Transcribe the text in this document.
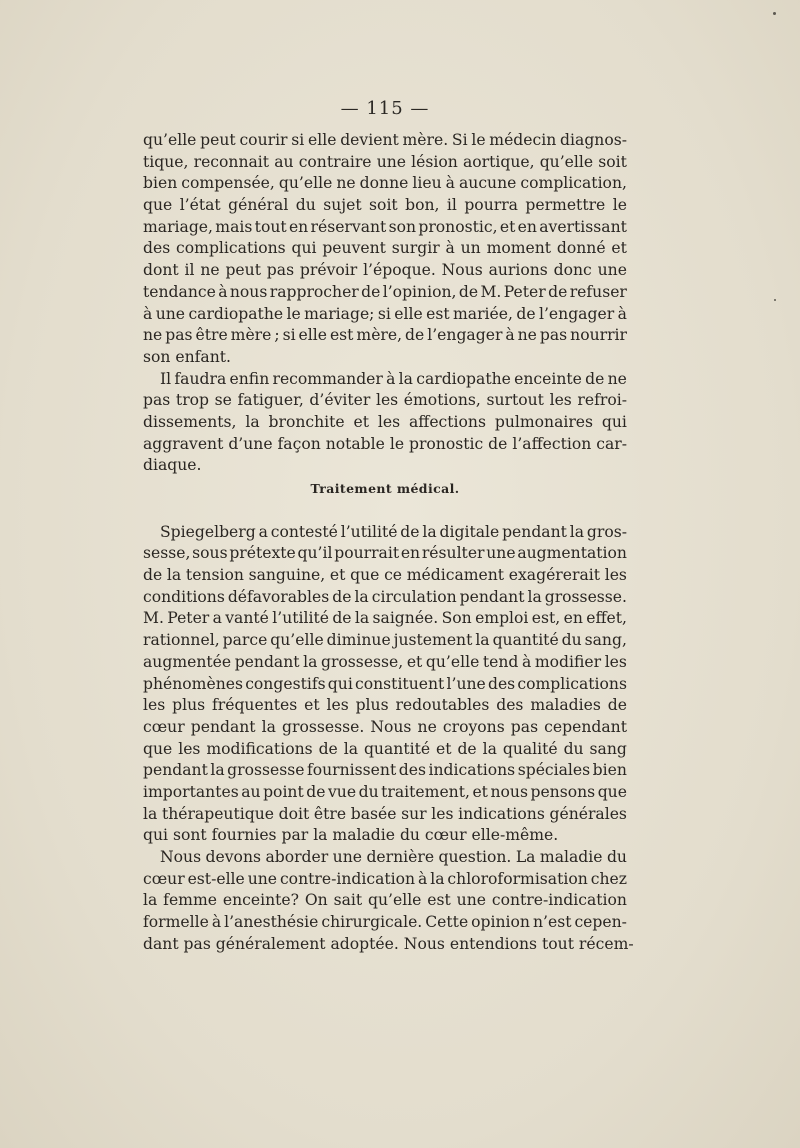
— 115 —
qu’elle peut courir si elle devient mère. Si le médecin diagnos-
tique, reconnait au contraire une lésion aortique, qu’elle soit
bien compensée, qu’elle ne donne lieu à aucune complication,
que l’état général du sujet soit bon, il pourra permettre le
mariage, mais tout en réservant son pronostic, et en avertissant
des complications qui peuvent surgir à un moment donné et
dont il ne peut pas prévoir l’époque. Nous aurions donc une
tendance à nous rapprocher de l’opinion, de M. Peter de refuser
à une cardiopathe le mariage; si elle est mariée, de l’engager à
ne pas être mère ; si elle est mère, de l’engager à ne pas nourrir
son enfant.
Il faudra enfin recommander à la cardiopathe enceinte de ne
pas trop se fatiguer, d’éviter les émotions, surtout les refroi-
dissements, la bronchite et les affections pulmonaires qui
aggravent d’une façon notable le pronostic de l’affection car-
diaque.
Traitement médical.
Spiegelberg a contesté l’utilité de la digitale pendant la gros-
sesse, sous prétexte qu’il pourrait en résulter une augmentation
de la tension sanguine, et que ce médicament exagérerait les
conditions défavorables de la circulation pendant la grossesse.
M. Peter a vanté l’utilité de la saignée. Son emploi est, en effet,
rationnel, parce qu’elle diminue justement la quantité du sang,
augmentée pendant la grossesse, et qu’elle tend à modifier les
phénomènes congestifs qui constituent l’une des complications
les plus fréquentes et les plus redoutables des maladies de
cœur pendant la grossesse. Nous ne croyons pas cependant
que les modifications de la quantité et de la qualité du sang
pendant la grossesse fournissent des indications spéciales bien
importantes au point de vue du traitement, et nous pensons que
la thérapeutique doit être basée sur les indications générales
qui sont fournies par la maladie du cœur elle-même.
Nous devons aborder une dernière question. La maladie du
cœur est-elle une contre-indication à la chloroformisation chez
la femme enceinte? On sait qu’elle est une contre-indication
formelle à l’anesthésie chirurgicale. Cette opinion n’est cepen-
dant pas généralement adoptée. Nous entendions tout récem-
